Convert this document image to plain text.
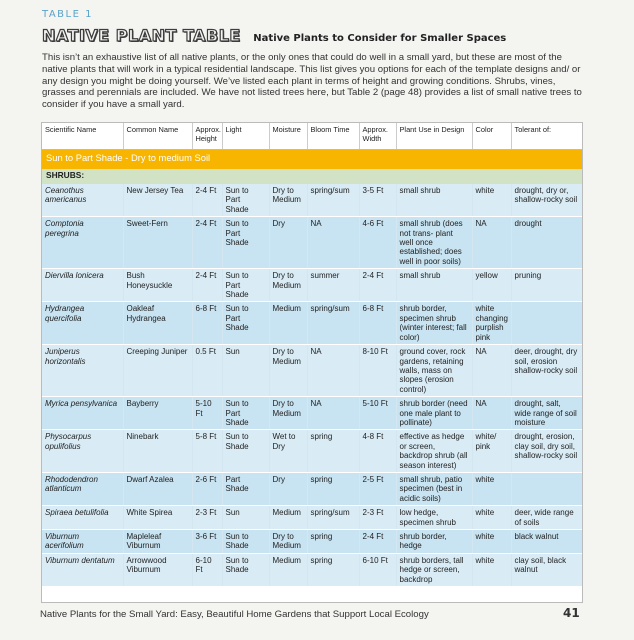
TABLE 1
NATIVE PLANT TABLE Native Plants to Consider for Smaller Spaces
This isn’t an exhaustive list of all native plants, or the only ones that could do well in a small yard, but these are most of the native plants that will work in a typical residential landscape. This list gives you options for each of the template designs and/ or any design you might be doing yourself. We’ve listed each plant in terms of height and growing conditions. Shrubs, vines, grasses and perennials are included. We have not listed trees here, but Table 2 (page 48) provides a list of small native trees to consider if you have a small yard.
Scientific Name	Common Name	Approx. Height	Light	Moisture	Bloom Time	Approx. Width	Plant Use in Design	Color	Tolerant of:
Sun to Part Shade - Dry to medium Soil									
SHRUBS:									
Ceanothus americanus	New Jersey Tea	2-4 Ft	Sun to Part Shade	Dry to Medium	spring/sum	3-5 Ft	small shrub	white	drought, dry or, shallow-rocky soil
Comptonia peregrina	Sweet-Fern	2-4 Ft	Sun to Part Shade	Dry	NA	4-6 Ft	small shrub (does not trans- plant well once established; does well in poor soils)	NA	drought
Diervilla lonicera	Bush Honeysuckle	2-4 Ft	Sun to Part Shade	Dry to Medium	summer	2-4 Ft	small shrub	yellow	pruning
Hydrangea quercifolia	Oakleaf Hydrangea	6-8 Ft	Sun to Part Shade	Medium	spring/sum	6-8 Ft	shrub border, specimen shrub (winter interest; fall color)	white changing purplish pink	
Juniperus horizontalis	Creeping Juniper	0.5 Ft	Sun	Dry to Medium	NA	8-10 Ft	ground cover, rock gardens, retaining walls, mass on slopes (erosion control)	NA	deer, drought, dry soil, erosion shallow-rocky soil
Myrica pensylvanica	Bayberry	5-10 Ft	Sun to Part Shade	Dry to Medium	NA	5-10 Ft	shrub border (need one male plant to pollinate)	NA	drought, salt, wide range of soil moisture
Physocarpus opulifolius	Ninebark	5-8 Ft	Sun to Shade	Wet to Dry	spring	4-8 Ft	effective as hedge or screen, backdrop shrub (all season interest)	white/ pink	drought, erosion, clay soil, dry soil, shallow-rocky soil
Rhododendron atlanticum	Dwarf Azalea	2-6 Ft	Part Shade	Dry	spring	2-5 Ft	small shrub, patio specimen (best in acidic soils)	white	
Spiraea betulifolia	White Spirea	2-3 Ft	Sun	Medium	spring/sum	2-3 Ft	low hedge, specimen shrub	white	deer, wide range of soils
Viburnum acerifolium	Mapleleaf Viburnum	3-6 Ft	Sun to Shade	Dry to Medium	spring	2-4 Ft	shrub border, hedge	white	black walnut
Viburnum dentatum	Arrowwood Viburnum	6-10 Ft	Sun to Shade	Medium	spring	6-10 Ft	shrub borders, tall hedge or screen, backdrop	white	clay soil, black walnut
Native Plants for the Small Yard: Easy, Beautiful Home Gardens that Support Local Ecology	41
